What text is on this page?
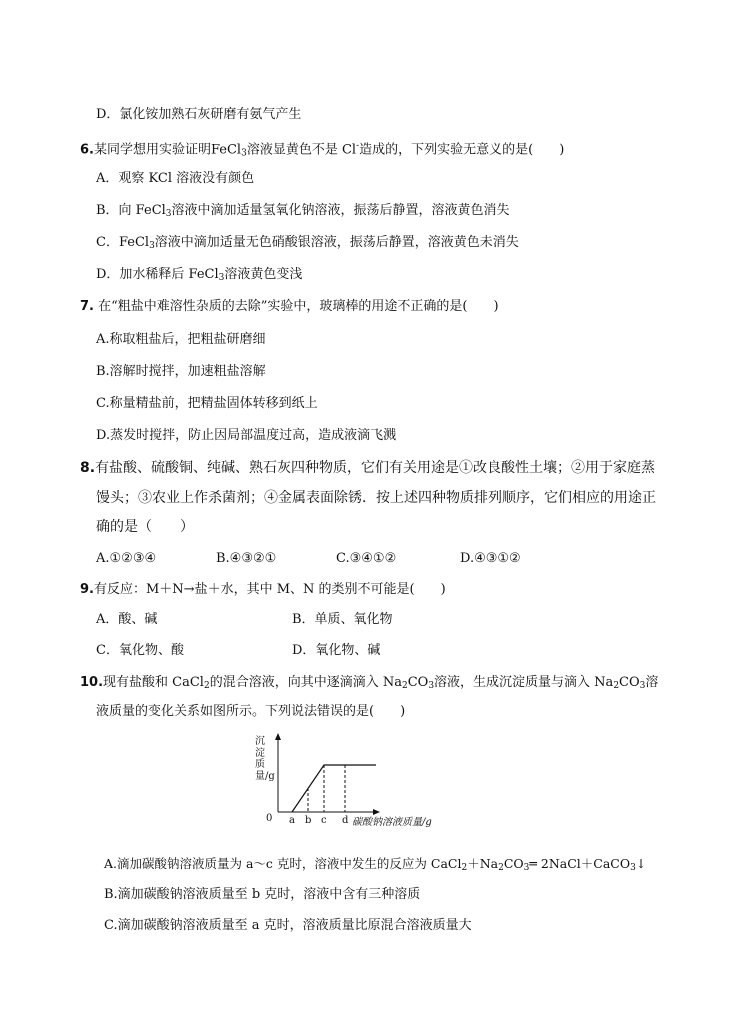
D．氯化铵加熟石灰研磨有氨气产生
6.某同学想用实验证明FeCl$_3$溶液显黄色不是 Cl-造成的，下列实验无意义的是(　　)
A．观察 KCl 溶液没有颜色
B．向 FeCl$_3$溶液中滴加适量氢氧化钠溶液，振荡后静置，溶液黄色消失
C．FeCl$_3$溶液中滴加适量无色硝酸银溶液，振荡后静置，溶液黄色未消失
D．加水稀释后 FeCl$_3$溶液黄色变浅
7. 在“粗盐中难溶性杂质的去除”实验中，玻璃棒的用途不正确的是(　　)
A.称取粗盐后，把粗盐研磨细
B.溶解时搅拌，加速粗盐溶解
C.称量精盐前，把精盐固体转移到纸上
D.蒸发时搅拌，防止因局部温度过高，造成液滴飞溅
8.有盐酸、硫酸铜、纯碱、熟石灰四种物质，它们有关用途是①改良酸性土壤；②用于家庭蒸
馒头；③农业上作杀菌剂；④金属表面除锈．按上述四种物质排列顺序，它们相应的用途正
确的是（　　）
A.①②③④	B.④③②①	C.③④①②	D.④③①②
9.有反应：M＋N→盐＋水，其中 M、N 的类别不可能是(　　)
A．酸、碱	B．单质、氧化物
C．氧化物、酸	D．氧化物、碱
10.现有盐酸和 CaCl$_2$的混合溶液，向其中逐滴滴入 $Na_2CO_3$溶液，生成沉淀质量与滴入 $Na_2CO_3$溶
液质量的变化关系如图所示。下列说法错误的是(　　)
沉淀质量/g
0 a b c d 碳酸钠溶液质量/g
A.滴加碳酸钠溶液质量为 a～c 克时，溶液中发生的反应为 $CaCl_2+Na_2CO_3═$ 2NaCl＋CaCO$_3$↓
B.滴加碳酸钠溶液质量至 b 克时，溶液中含有三种溶质
C.滴加碳酸钠溶液质量至 a 克时，溶液质量比原混合溶液质量大
